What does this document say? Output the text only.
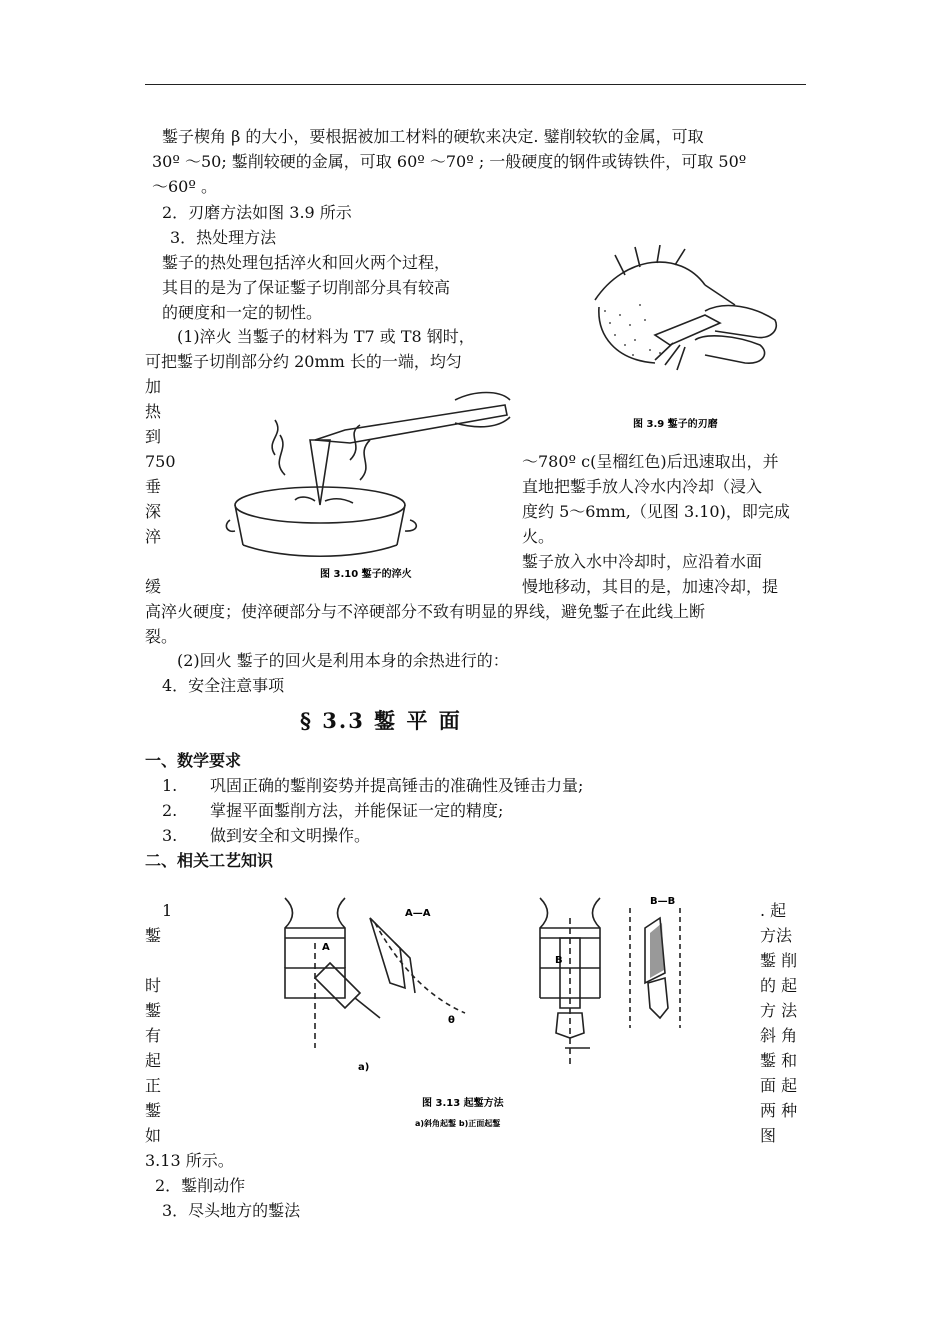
鏨子楔角 β 的大小，要根据被加工材料的硬软来决定. 鐾削较软的金属，可取
30º ～50; 鏨削较硬的金属，可取 60º ～70º ; 一般硬度的钢件或铸铁件，可取 50º
～60º 。
2．刃磨方法如图 3.9 所示
3．热处理方法
鏨子的热处理包括淬火和回火两个过程，
其目的是为了保证鏨子切削部分具有较高
的硬度和一定的韧性。
(1)淬火 当鏨子的材料为 T7 或 T8 钢时，
可把鏨子切削部分约 20mm 长的一端，均匀
加
热
到
750
垂
深
淬
缓
～780º c(呈榴红色)后迅速取出，并
直地把鏨手放人冷水内冷却（浸入
度约 5～6mm,（见图 3.10)，即完成
火。
鏨子放入水中冷却时，应沿着水面
慢地移动，其目的是，加速冷却，提
高淬火硬度；使淬硬部分与不淬硬部分不致有明显的界线，避免鏨子在此线上断
裂。
(2)回火 鏨子的回火是利用本身的余热进行的：
4．安全注意事项
§ 3.3 鏨 平 面
一、数学要求
1. 巩固正确的鏨削姿势并提高锤击的准确性及锤击力量;
2. 掌握平面鏨削方法，并能保证一定的精度;
3. 做到安全和文明操作。
二、相关工艺知识
1
鏨
时
鏨
有
起
正
鏨
如
. 起
方法
鏨 削
的 起
方 法
斜 角
鏨 和
面 起
两 种
图
3.13 所示。
2．鏨削动作
3．尽头地方的鏨法
图 3.9 鏨子的刃磨
图 3.10 鏨子的淬火
A—A
B—B
A
B
θ
a)
图 3.13 起鏨方法
a)斜角起鏨 b)正面起鏨
